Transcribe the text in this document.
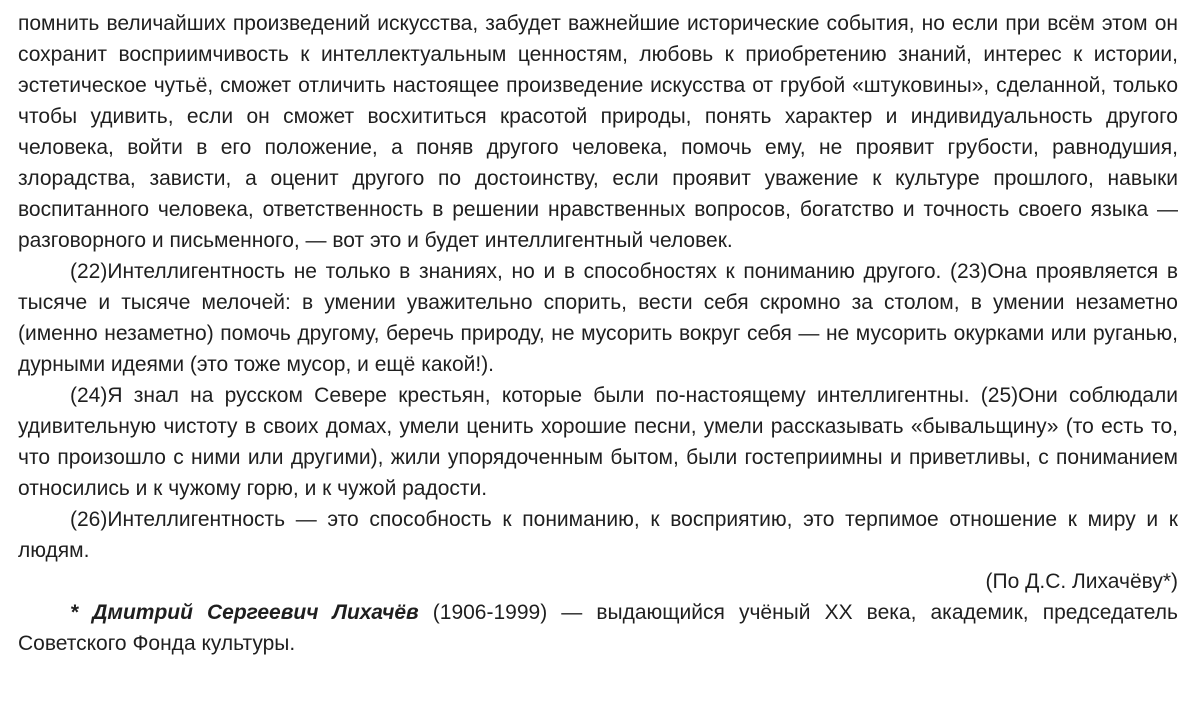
помнить величайших произведений искусства, забудет важнейшие исторические события, но если при всём этом он сохранит восприимчивость к интеллектуальным ценностям, любовь к приобретению знаний, интерес к истории, эстетическое чутьё, сможет отличить настоящее произведение искусства от грубой «штуковины», сделанной, только чтобы удивить, если он сможет восхититься красотой природы, понять характер и индивидуальность другого человека, войти в его положение, а поняв другого человека, помочь ему, не проявит грубости, равнодушия, злорадства, зависти, а оценит другого по достоинству, если проявит уважение к культуре прошлого, навыки воспитанного человека, ответственность в решении нравственных вопросов, богатство и точность своего языка — разговорного и письменного, — вот это и будет интеллигентный человек.

(22)Интеллигентность не только в знаниях, но и в способностях к пониманию другого. (23)Она проявляется в тысяче и тысяче мелочей: в умении уважительно спорить, вести себя скромно за столом, в умении незаметно (именно незаметно) помочь другому, беречь природу, не мусорить вокруг себя — не мусорить окурками или руганью, дурными идеями (это тоже мусор, и ещё какой!).

(24)Я знал на русском Севере крестьян, которые были по-настоящему интеллигентны. (25)Они соблюдали удивительную чистоту в своих домах, умели ценить хорошие песни, умели рассказывать «бывальщину» (то есть то, что произошло с ними или другими), жили упорядоченным бытом, были гостеприимны и приветливы, с пониманием относились и к чужому горю, и к чужой радости.

(26)Интеллигентность — это способность к пониманию, к восприятию, это терпимое отношение к миру и к людям.

(По Д.С. Лихачёву*)

* Дмитрий Сергеевич Лихачёв (1906-1999) — выдающийся учёный XX века, академик, председатель Советского Фонда культуры.
